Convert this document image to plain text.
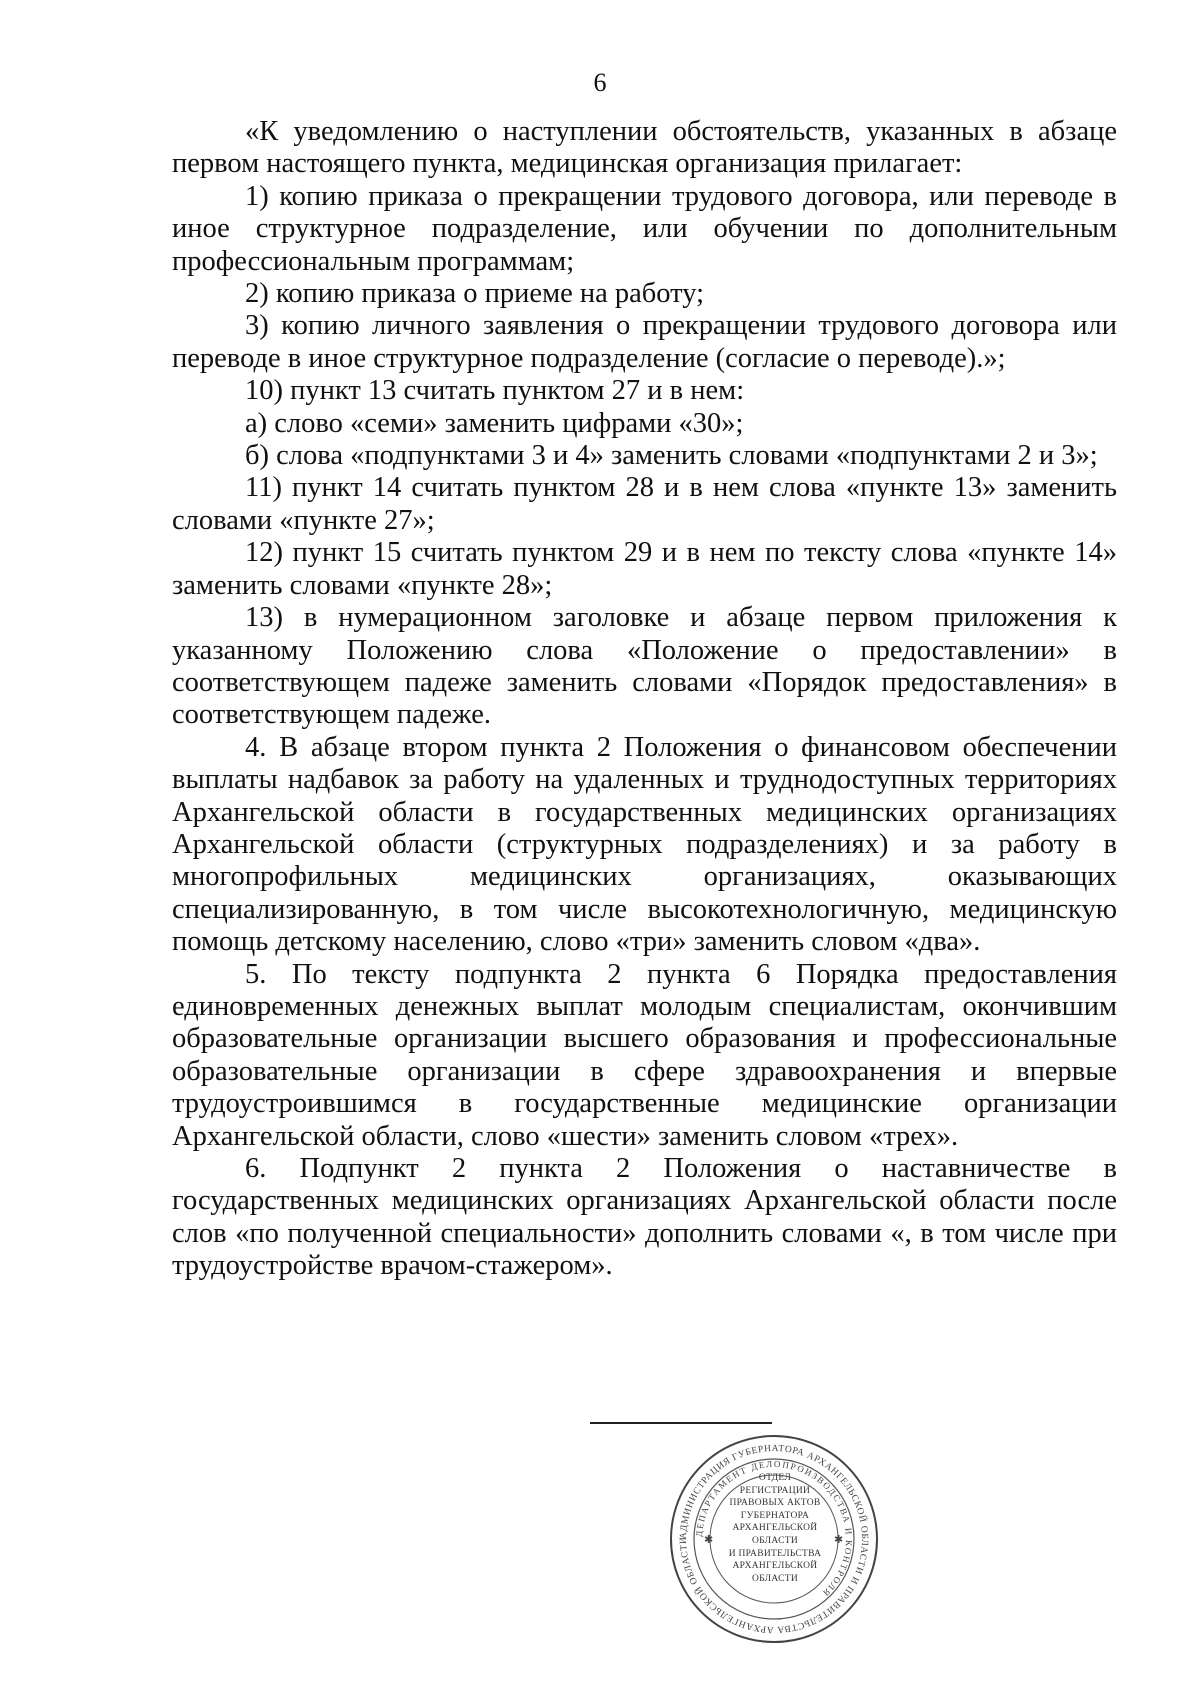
6

«К уведомлению о наступлении обстоятельств, указанных в абзаце первом настоящего пункта, медицинская организация прилагает:

1) копию приказа о прекращении трудового договора, или переводе в иное структурное подразделение, или обучении по дополнительным профессиональным программам;

2) копию приказа о приеме на работу;

3) копию личного заявления о прекращении трудового договора или переводе в иное структурное подразделение (согласие о переводе).»;

10) пункт 13 считать пунктом 27 и в нем:

а) слово «семи» заменить цифрами «30»;

б) слова «подпунктами 3 и 4» заменить словами «подпунктами 2 и 3»;

11) пункт 14 считать пунктом 28 и в нем слова «пункте 13» заменить словами «пункте 27»;

12) пункт 15 считать пунктом 29 и в нем по тексту слова «пункте 14» заменить словами «пункте 28»;

13) в нумерационном заголовке и абзаце первом приложения к указанному Положению слова «Положение о предоставлении» в соответствующем падеже заменить словами «Порядок предоставления» в соответствующем падеже.

4. В абзаце втором пункта 2 Положения о финансовом обеспечении выплаты надбавок за работу на удаленных и труднодоступных территориях Архангельской области в государственных медицинских организациях Архангельской области (структурных подразделениях) и за работу в многопрофильных медицинских организациях, оказывающих специализированную, в том числе высокотехнологичную, медицинскую помощь детскому населению, слово «три» заменить словом «два».

5. По тексту подпункта 2 пункта 6 Порядка предоставления единовременных денежных выплат молодым специалистам, окончившим образовательные организации высшего образования и профессиональные образовательные организации в сфере здравоохранения и впервые трудоустроившимся в государственные медицинские организации Архангельской области, слово «шести» заменить словом «трех».

6. Подпункт 2 пункта 2 Положения о наставничестве в государственных медицинских организациях Архангельской области после слов «по полученной специальности» дополнить словами «, в том числе при трудоустройстве врачом-стажером».

АДМИНИСТРАЦИЯ ГУБЕРНАТОРА АРХАНГЕЛЬСКОЙ ОБЛАСТИ И ПРАВИТЕЛЬСТВА АРХАНГЕЛЬСКОЙ ОБЛАСТИ
ДЕПАРТАМЕНТ ДЕЛОПРОИЗВОДСТВА И КОНТРОЛЯ
✱	✱
ОТДЕЛ
РЕГИСТРАЦИИ
ПРАВОВЫХ АКТОВ
ГУБЕРНАТОРА
АРХАНГЕЛЬСКОЙ
ОБЛАСТИ
И ПРАВИТЕЛЬСТВА
АРХАНГЕЛЬСКОЙ
ОБЛАСТИ
